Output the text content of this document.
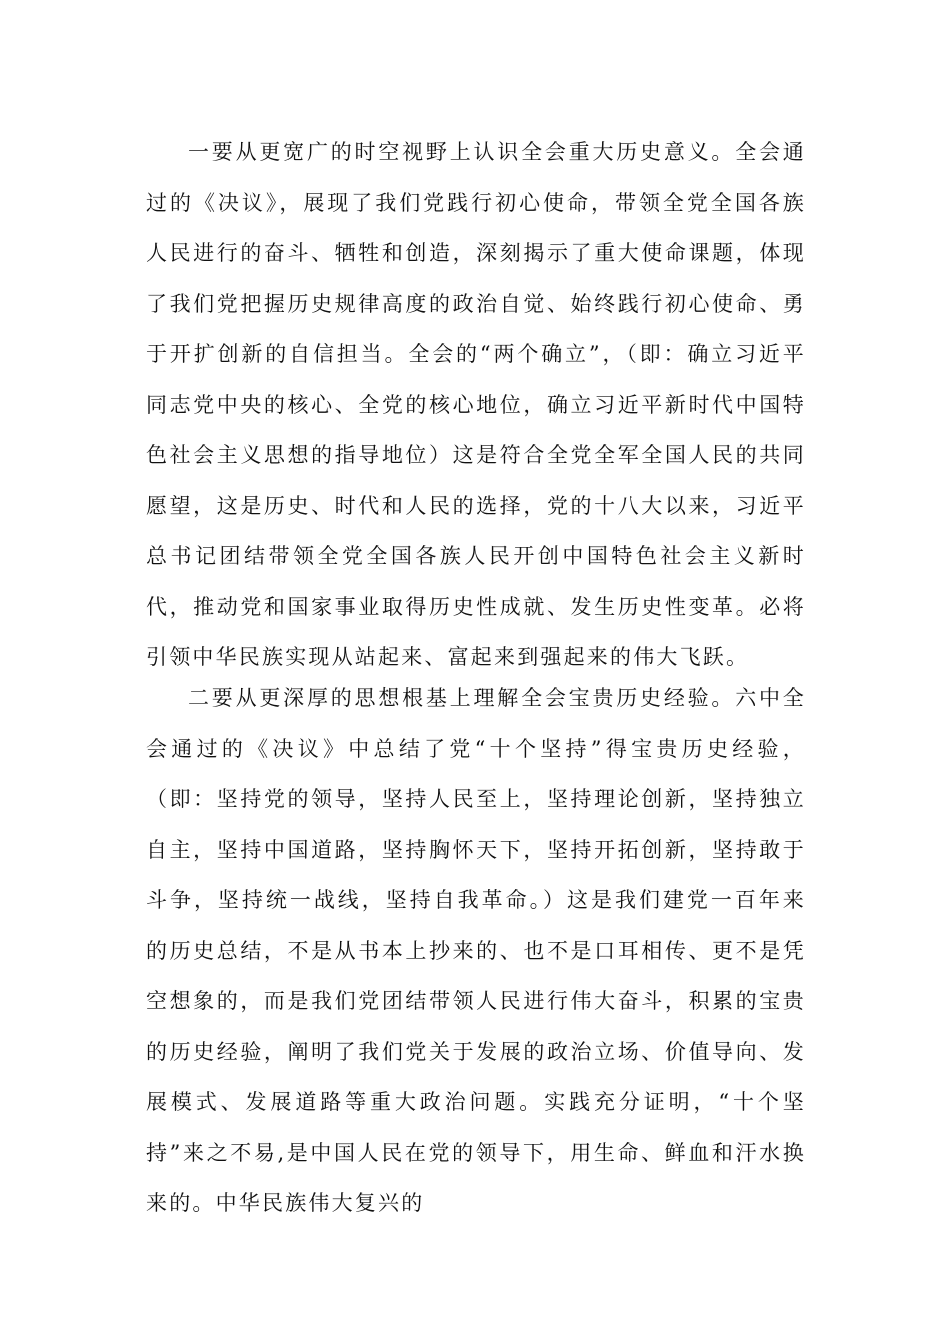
一要从更宽广的时空视野上认识全会重大历史意义。全会通过的《决议》，展现了我们党践行初心使命，带领全党全国各族人民进行的奋斗、牺牲和创造，深刻揭示了重大使命课题，体现了我们党把握历史规律高度的政治自觉、始终践行初心使命、勇于开扩创新的自信担当。全会的“两个确立”，（即：确立习近平同志党中央的核心、全党的核心地位，确立习近平新时代中国特色社会主义思想的指导地位）这是符合全党全军全国人民的共同愿望，这是历史、时代和人民的选择，党的十八大以来，习近平总书记团结带领全党全国各族人民开创中国特色社会主义新时代，推动党和国家事业取得历史性成就、发生历史性变革。必将引领中华民族实现从站起来、富起来到强起来的伟大飞跃。

二要从更深厚的思想根基上理解全会宝贵历史经验。六中全会通过的《决议》中总结了党“十个坚持”得宝贵历史经验，（即：坚持党的领导，坚持人民至上，坚持理论创新，坚持独立自主，坚持中国道路，坚持胸怀天下，坚持开拓创新，坚持敢于斗争，坚持统一战线，坚持自我革命。）这是我们建党一百年来的历史总结，不是从书本上抄来的、也不是口耳相传、更不是凭空想象的，而是我们党团结带领人民进行伟大奋斗，积累的宝贵的历史经验，阐明了我们党关于发展的政治立场、价值导向、发展模式、发展道路等重大政治问题。实践充分证明，“十个坚持”来之不易,是中国人民在党的领导下，用生命、鲜血和汗水换来的。中华民族伟大复兴的
